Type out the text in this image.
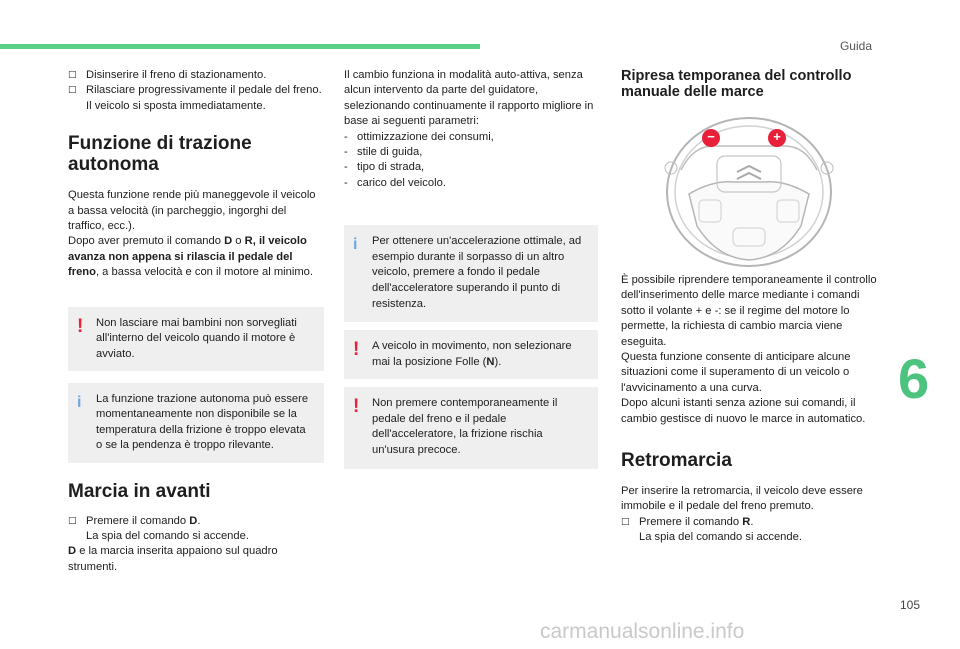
Guida
□ Disinserire il freno di stazionamento.
□ Rilasciare progressivamente il pedale del freno.

Il veicolo si sposta immediatamente.

Funzione di trazione autonoma

Questa funzione rende più maneggevole il veicolo a bassa velocità (in parcheggio, ingorghi del traffico, ecc.).

Dopo aver premuto il comando D o R, il veicolo avanza non appena si rilascia il pedale del freno, a bassa velocità e con il motore al minimo.

! Non lasciare mai bambini non sorvegliati all'interno del veicolo quando il motore è avviato.
i La funzione trazione autonoma può essere momentaneamente non disponibile se la temperatura della frizione è troppo elevata o se la pendenza è troppo rilevante.
Marcia in avanti
□ Premere il comando D.

La spia del comando si accende.

D e la marcia inserita appaiono sul quadro strumenti.

Il cambio funziona in modalità auto-attiva, senza alcun intervento da parte del guidatore, selezionando continuamente il rapporto migliore in base ai seguenti parametri:

- ottimizzazione dei consumi,
- stile di guida,
- tipo di strada,
- carico del veicolo.
i Per ottenere un'accelerazione ottimale, ad esempio durante il sorpasso di un altro veicolo, premere a fondo il pedale dell'acceleratore superando il punto di resistenza.
! A veicolo in movimento, non selezionare mai la posizione Folle (N).
! Non premere contemporaneamente il pedale del freno e il pedale dell'acceleratore, la frizione rischia un'usura precoce.
Ripresa temporanea del controllo manuale delle marce
−	+

È possibile riprendere temporaneamente il controllo dell'inserimento delle marce mediante i comandi sotto il volante + e -: se il regime del motore lo permette, la richiesta di cambio marcia viene eseguita.

Questa funzione consente di anticipare alcune situazioni come il superamento di un veicolo o l'avvicinamento a una curva.

Dopo alcuni istanti senza azione sui comandi, il cambio gestisce di nuovo le marce in automatico.

Retromarcia

Per inserire la retromarcia, il veicolo deve essere immobile e il pedale del freno premuto.

□ Premere il comando R.

La spia del comando si accende.

6
105
carmanualsonline.info
